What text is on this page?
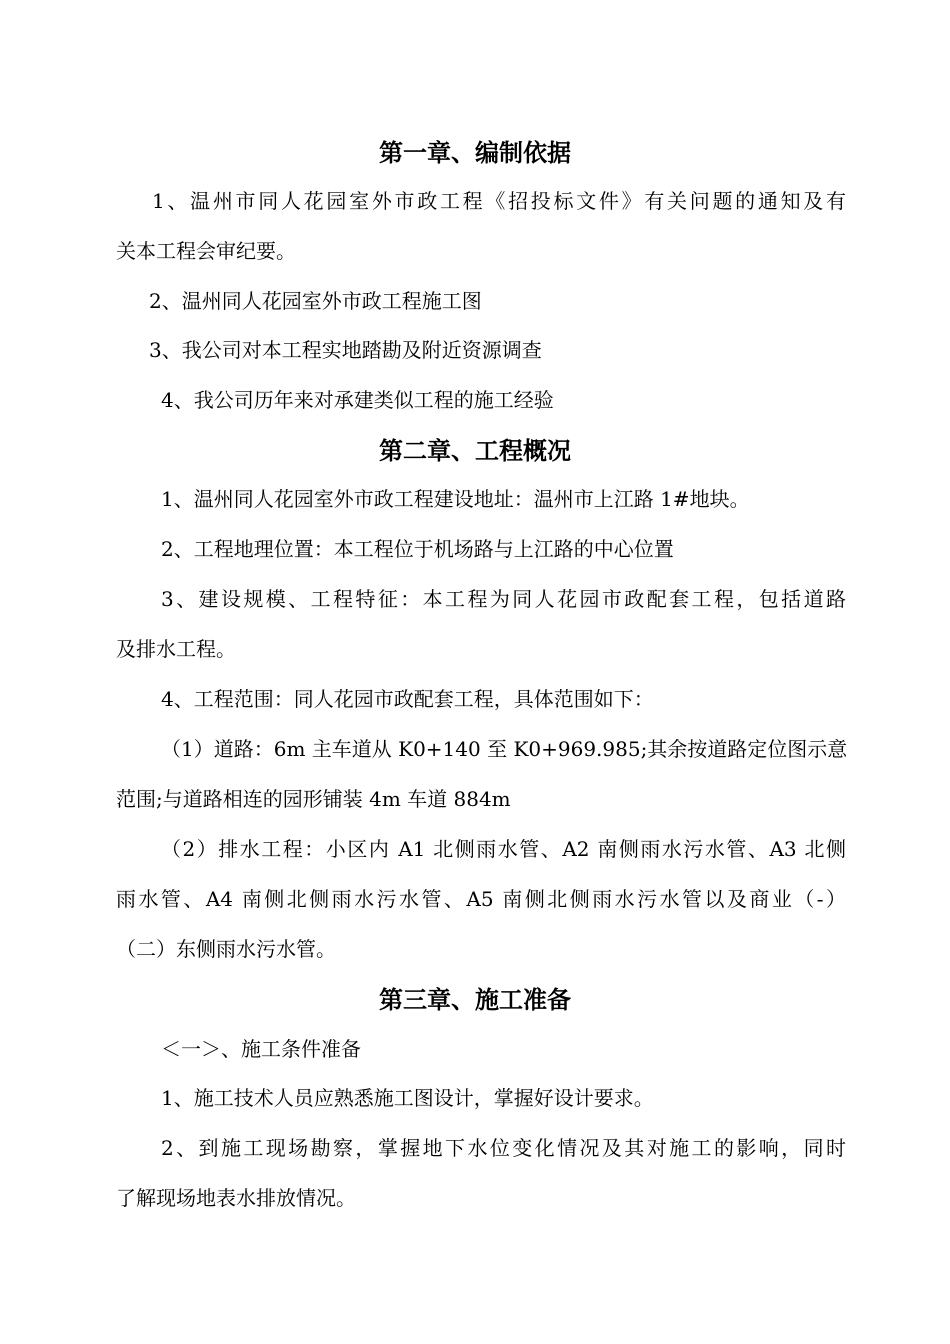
第一章、编制依据
1、温州市同人花园室外市政工程《招投标文件》有关问题的通知及有
关本工程会审纪要。
2、温州同人花园室外市政工程施工图
3、我公司对本工程实地踏勘及附近资源调查
4、我公司历年来对承建类似工程的施工经验
第二章、工程概况
1、温州同人花园室外市政工程建设地址：温州市上江路 1#地块。
2、工程地理位置：本工程位于机场路与上江路的中心位置
3、建设规模、工程特征：本工程为同人花园市政配套工程，包括道路
及排水工程。
4、工程范围：同人花园市政配套工程，具体范围如下：
（1）道路：6m 主车道从 K0+140 至 K0+969.985;其余按道路定位图示意
范围;与道路相连的园形铺装 4m 车道 884m
（2）排水工程：小区内 A1 北侧雨水管、A2 南侧雨水污水管、A3 北侧
雨水管、A4 南侧北侧雨水污水管、A5 南侧北侧雨水污水管以及商业（-）
（二）东侧雨水污水管。
第三章、施工准备
＜一＞、施工条件准备
1、施工技术人员应熟悉施工图设计，掌握好设计要求。
2、到施工现场勘察，掌握地下水位变化情况及其对施工的影响，同时
了解现场地表水排放情况。
